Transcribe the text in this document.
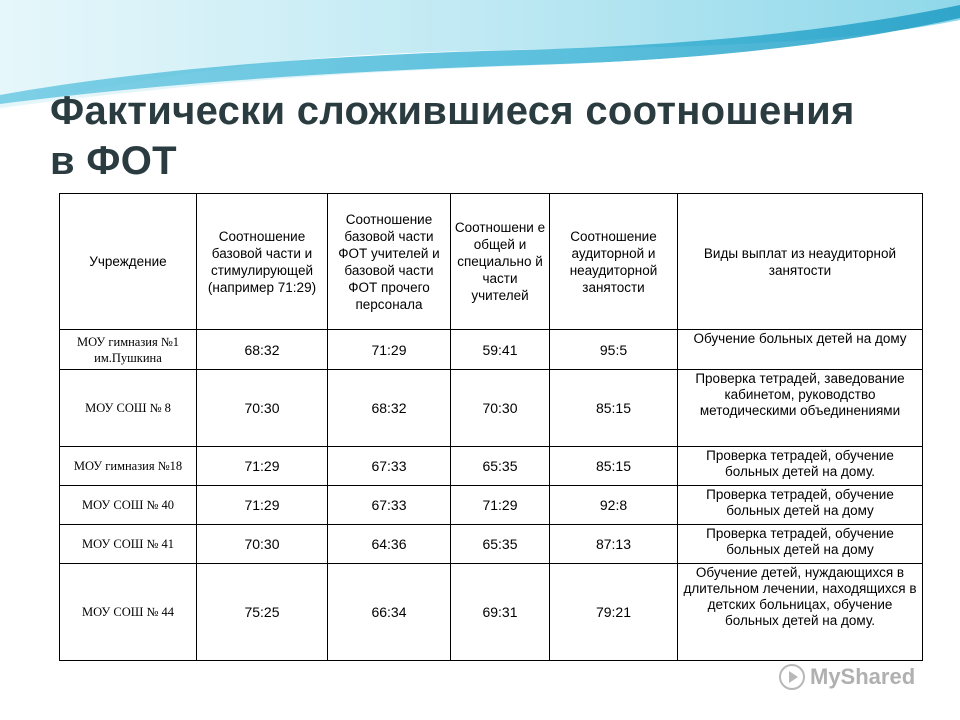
Фактически сложившиеся соотношения
в ФОТ
Учреждение	Соотношение базовой части и стимулирующей (например 71:29)	Соотношение базовой части ФОТ учителей и базовой части ФОТ прочего персонала	Соотношени е общей и специально й части учителей	Соотношение аудиторной и неаудиторной занятости	Виды выплат из неаудиторной занятости
МОУ гимназия №1 им.Пушкина	68:32	71:29	59:41	95:5	Обучение больных детей на дому
МОУ СОШ № 8	70:30	68:32	70:30	85:15	Проверка тетрадей, заведование кабинетом, руководство методическими объединениями
МОУ гимназия №18	71:29	67:33	65:35	85:15	Проверка тетрадей, обучение больных детей на дому.
МОУ СОШ № 40	71:29	67:33	71:29	92:8	Проверка тетрадей, обучение больных детей на дому
МОУ СОШ № 41	70:30	64:36	65:35	87:13	Проверка тетрадей, обучение больных детей на дому
МОУ СОШ № 44	75:25	66:34	69:31	79:21	Обучение детей, нуждающихся в длительном лечении, находящихся в детских больницах, обучение больных детей на дому.
MyShared
